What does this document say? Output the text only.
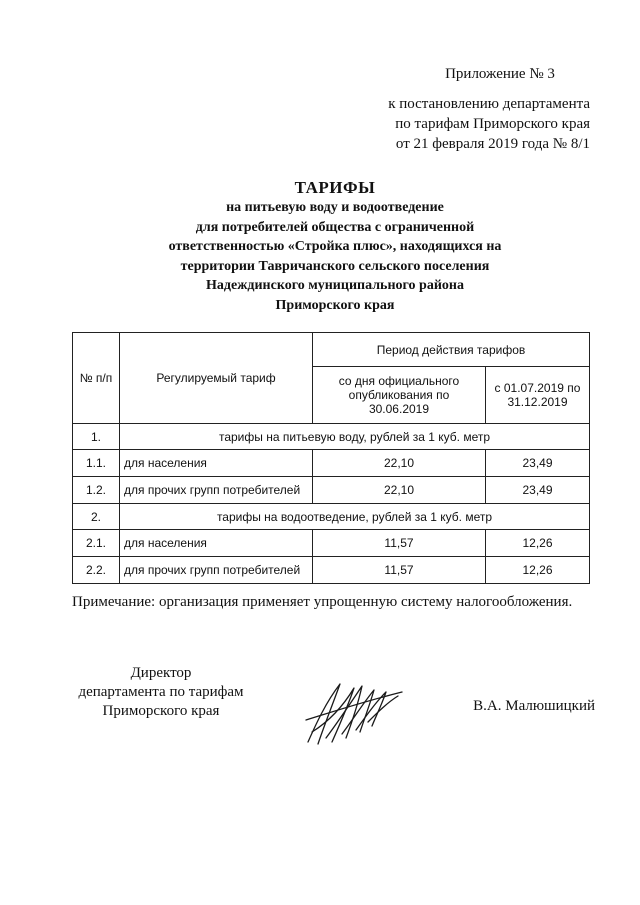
Приложение № 3
к постановлению департамента
по тарифам Приморского края
от 21 февраля 2019 года № 8/1
ТАРИФЫ
на питьевую воду и водоотведение
для потребителей общества с ограниченной
ответственностью «Стройка плюс», находящихся на
территории Тавричанского сельского поселения
Надеждинского муниципального района
Приморского края
№ п/п	Регулируемый тариф	Период действия тарифов	
		со дня официального опубликования по 30.06.2019	с 01.07.2019 по 31.12.2019
1.	тарифы на питьевую воду, рублей за 1 куб. метр		
1.1.	для населения	22,10	23,49
1.2.	для прочих групп потребителей	22,10	23,49
2.	тарифы на водоотведение, рублей за 1 куб. метр		
2.1.	для населения	11,57	12,26
2.2.	для прочих групп потребителей	11,57	12,26
Примечание: организация применяет упрощенную систему налогообложения.
Директор
департамента по тарифам
Приморского края	В.А. Малюшицкий
